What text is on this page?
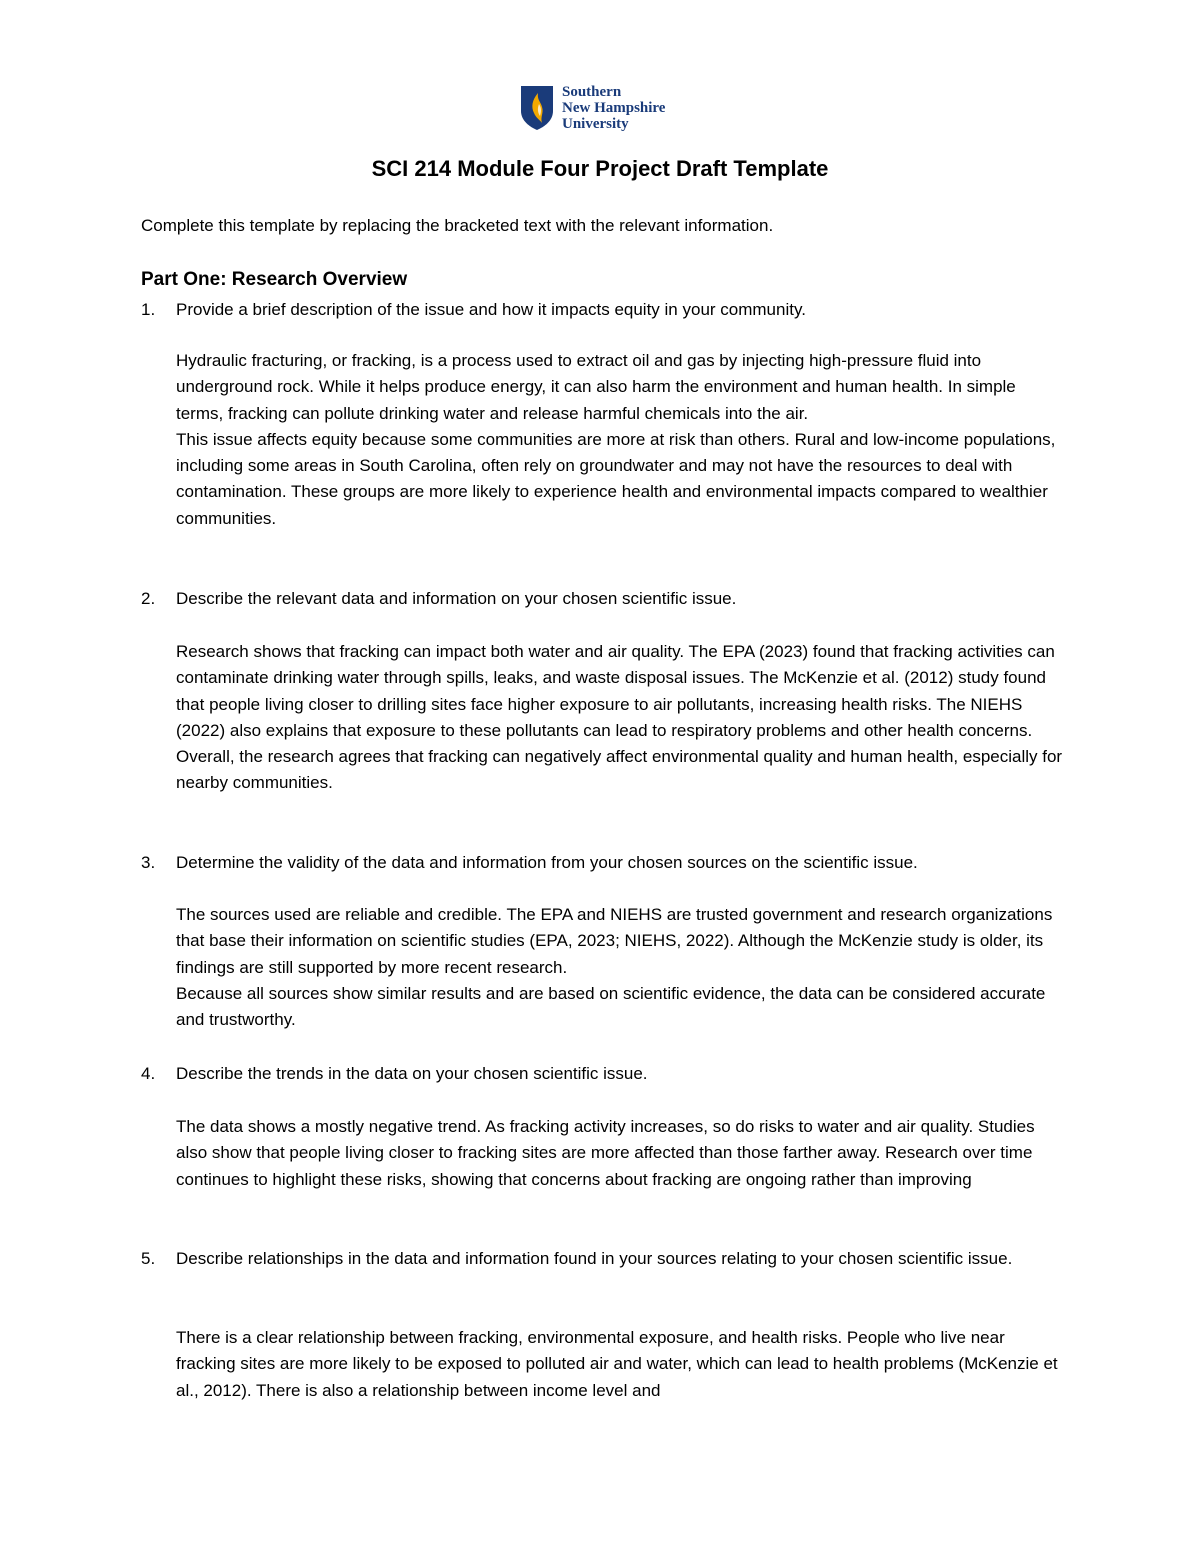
Southern
New Hampshire
University
SCI 214 Module Four Project Draft Template

Complete this template by replacing the bracketed text with the relevant information.

Part One: Research Overview
1.	Provide a brief description of the issue and how it impacts equity in your community.

Hydraulic fracturing, or fracking, is a process used to extract oil and gas by injecting high-pressure fluid into underground rock. While it helps produce energy, it can also harm the environment and human health. In simple terms, fracking can pollute drinking water and release harmful chemicals into the air.

This issue affects equity because some communities are more at risk than others. Rural and low-income populations, including some areas in South Carolina, often rely on groundwater and may not have the resources to deal with contamination. These groups are more likely to experience health and environmental impacts compared to wealthier communities.

2.	Describe the relevant data and information on your chosen scientific issue.

Research shows that fracking can impact both water and air quality. The EPA (2023) found that fracking activities can contaminate drinking water through spills, leaks, and waste disposal issues. The McKenzie et al. (2012) study found that people living closer to drilling sites face higher exposure to air pollutants, increasing health risks. The NIEHS (2022) also explains that exposure to these pollutants can lead to respiratory problems and other health concerns. Overall, the research agrees that fracking can negatively affect environmental quality and human health, especially for nearby communities.

3.	Determine the validity of the data and information from your chosen sources on the scientific issue.

The sources used are reliable and credible. The EPA and NIEHS are trusted government and research organizations that base their information on scientific studies (EPA, 2023; NIEHS, 2022). Although the McKenzie study is older, its findings are still supported by more recent research.

Because all sources show similar results and are based on scientific evidence, the data can be considered accurate and trustworthy.

4.	Describe the trends in the data on your chosen scientific issue.

The data shows a mostly negative trend. As fracking activity increases, so do risks to water and air quality. Studies also show that people living closer to fracking sites are more affected than those farther away. Research over time continues to highlight these risks, showing that concerns about fracking are ongoing rather than improving

5.	Describe relationships in the data and information found in your sources relating to your chosen scientific issue.

There is a clear relationship between fracking, environmental exposure, and health risks. People who live near fracking sites are more likely to be exposed to polluted air and water, which can lead to health problems (McKenzie et al., 2012). There is also a relationship between income level and
